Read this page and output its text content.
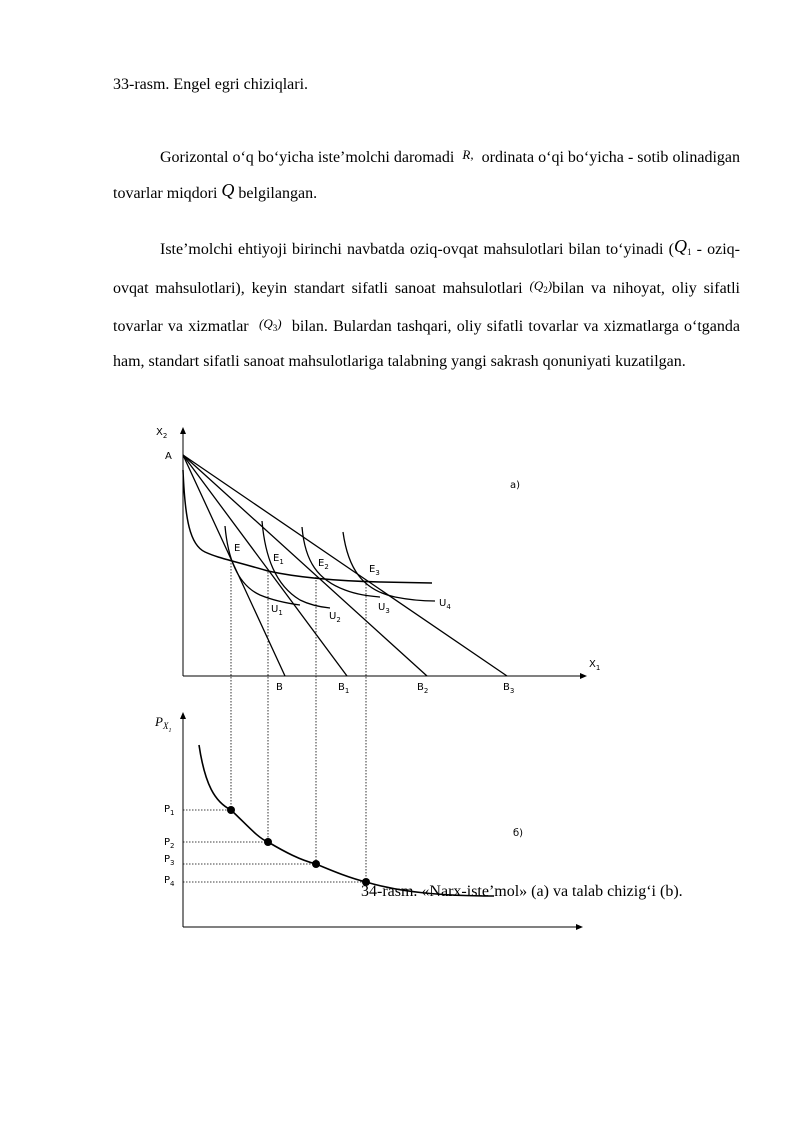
33-rasm. Engel egri chiziqlari.
Gorizontal o‘q bo‘yicha iste’molchi daromadi R, ordinata o‘qi bo‘yicha - sotib olinadigan tovarlar miqdori Q belgilangan.
Iste’molchi ehtiyoji birinchi navbatda oziq-ovqat mahsulotlari bilan to‘yinadi ($Q_1$ - oziq-ovqat mahsulotlari), keyin standart sifatli sanoat mahsulotlari $(Q_2)bilan$ va nihoyat, oliy sifatli tovarlar va xizmatlar $(Q_3)$ bilan. Bulardan tashqari, oliy sifatli tovarlar va xizmatlarga o‘tganda ham, standart sifatli sanoat mahsulotlariga talabning yangi sakrash qonuniyati kuzatilgan.
$X_2$
A
a)
$X_1$
B	$B_1$	$B_2$	$B_3$
E
$E_1$	$E_2$	$E_3$
$U_1$	$U_2$
$U_3$
$U_4$
$P_{X1}$
$P_1$
$P_2$
$P_3$
$P_4$
б)
34-rasm. «Narx-iste’mol» (a) va talab chizig‘i (b).
